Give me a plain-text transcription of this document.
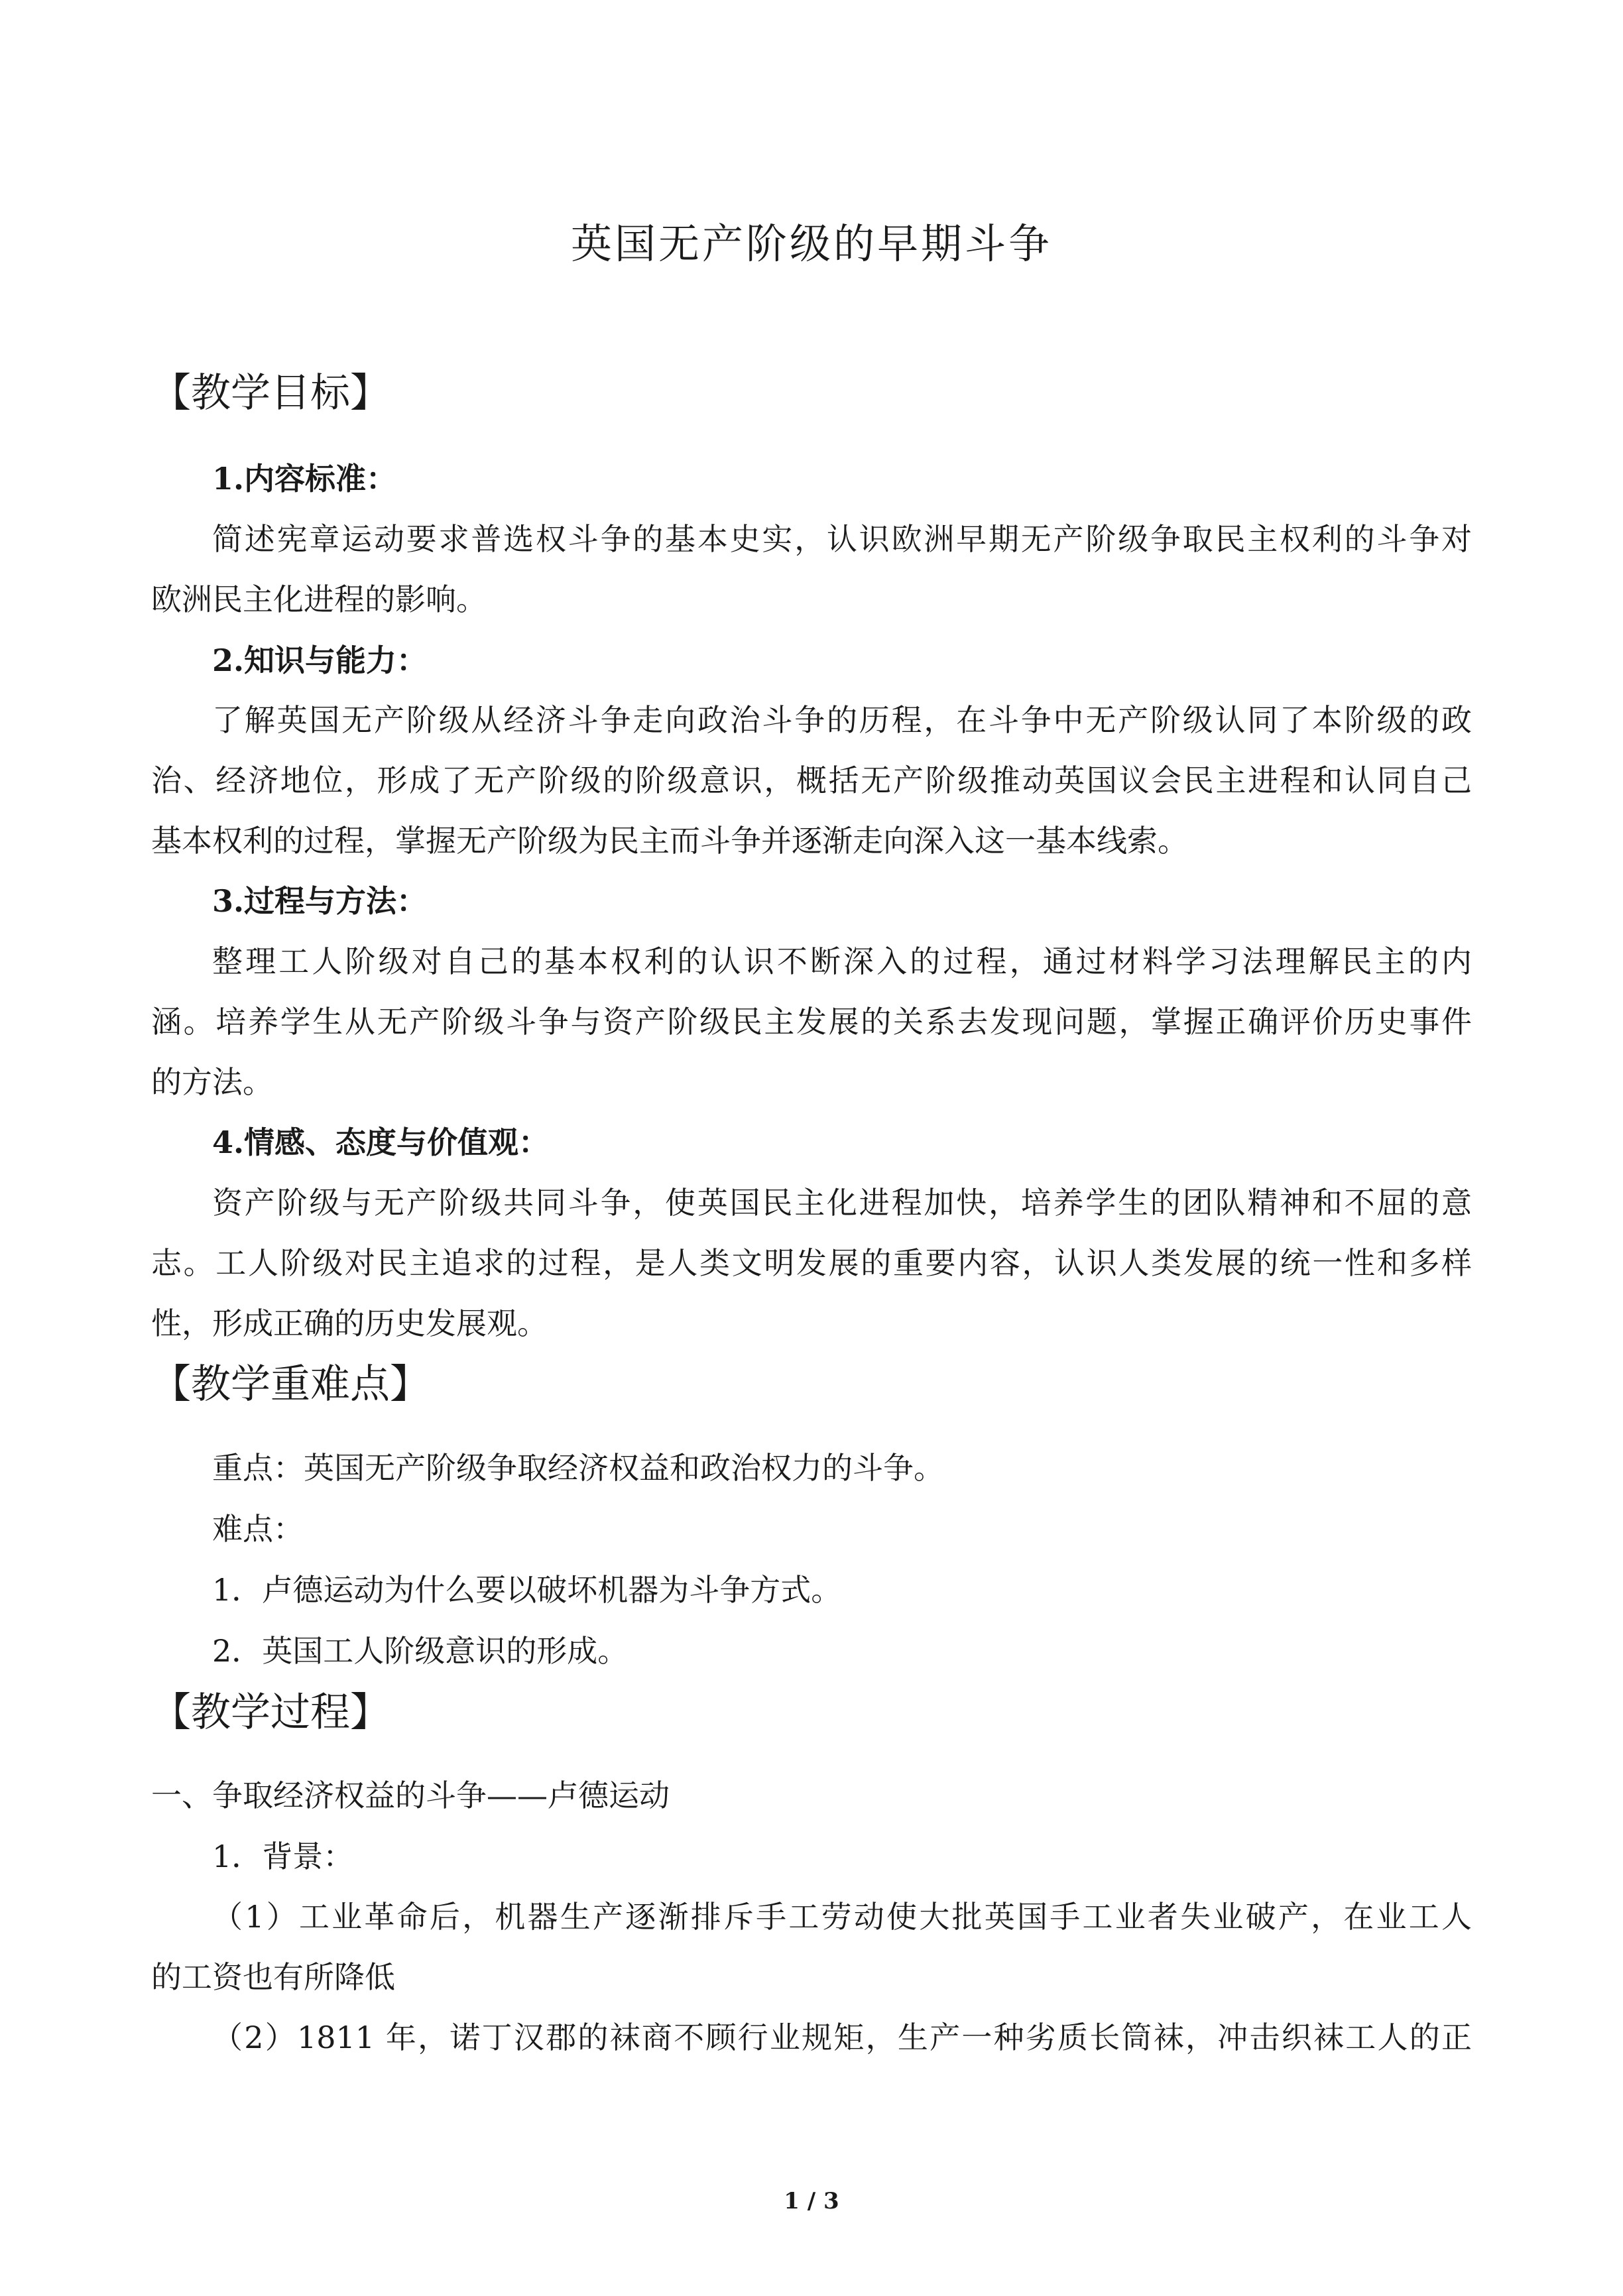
英国无产阶级的早期斗争
【教学目标】
1.内容标准：
简述宪章运动要求普选权斗争的基本史实，认识欧洲早期无产阶级争取民主权利的斗争对
欧洲民主化进程的影响。
2.知识与能力：
了解英国无产阶级从经济斗争走向政治斗争的历程，在斗争中无产阶级认同了本阶级的政
治、经济地位，形成了无产阶级的阶级意识，概括无产阶级推动英国议会民主进程和认同自己
基本权利的过程，掌握无产阶级为民主而斗争并逐渐走向深入这一基本线索。
3.过程与方法：
整理工人阶级对自己的基本权利的认识不断深入的过程，通过材料学习法理解民主的内
涵。培养学生从无产阶级斗争与资产阶级民主发展的关系去发现问题，掌握正确评价历史事件
的方法。
4.情感、态度与价值观：
资产阶级与无产阶级共同斗争，使英国民主化进程加快，培养学生的团队精神和不屈的意
志。工人阶级对民主追求的过程，是人类文明发展的重要内容，认识人类发展的统一性和多样
性，形成正确的历史发展观。
【教学重难点】
重点：英国无产阶级争取经济权益和政治权力的斗争。
难点：
1．卢德运动为什么要以破坏机器为斗争方式。
2．英国工人阶级意识的形成。
【教学过程】
一、争取经济权益的斗争——卢德运动
1．背景：
（1）工业革命后，机器生产逐渐排斥手工劳动使大批英国手工业者失业破产，在业工人
的工资也有所降低
（2）1811 年，诺丁汉郡的袜商不顾行业规矩，生产一种劣质长筒袜，冲击织袜工人的正
1 / 3
